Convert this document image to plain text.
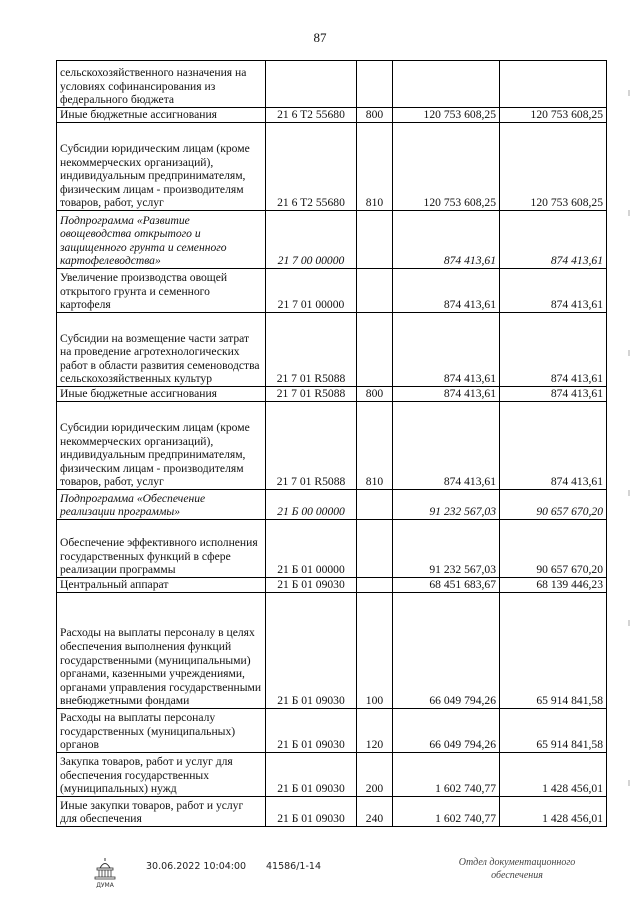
87
сельскохозяйственного назначения на условиях софинансирования из федерального бюджета				
Иные бюджетные ассигнования	21 6 T2 55680	800	120 753 608,25	120 753 608,25
Субсидии юридическим лицам (кроме некоммерческих организаций), индивидуальным предпринимателям, физическим лицам - производителям товаров, работ, услуг	21 6 T2 55680	810	120 753 608,25	120 753 608,25
Подпрограмма «Развитие овощеводства открытого и защищенного грунта и семенного картофелеводства»	21 7 00 00000		874 413,61	874 413,61
Увеличение производства овощей открытого грунта и семенного картофеля	21 7 01 00000		874 413,61	874 413,61
Субсидии на возмещение части затрат на проведение агротехнологических работ в области развития семеноводства сельскохозяйственных культур	21 7 01 R5088		874 413,61	874 413,61
Иные бюджетные ассигнования	21 7 01 R5088	800	874 413,61	874 413,61
Субсидии юридическим лицам (кроме некоммерческих организаций), индивидуальным предпринимателям, физическим лицам - производителям товаров, работ, услуг	21 7 01 R5088	810	874 413,61	874 413,61
Подпрограмма «Обеспечение реализации программы»	21 Б 00 00000		91 232 567,03	90 657 670,20
Обеспечение эффективного исполнения государственных функций в сфере реализации программы	21 Б 01 00000		91 232 567,03	90 657 670,20
Центральный аппарат	21 Б 01 09030		68 451 683,67	68 139 446,23
Расходы на выплаты персоналу в целях обеспечения выполнения функций государственными (муниципальными) органами, казенными учреждениями, органами управления государственными внебюджетными фондами	21 Б 01 09030	100	66 049 794,26	65 914 841,58
Расходы на выплаты персоналу государственных (муниципальных) органов	21 Б 01 09030	120	66 049 794,26	65 914 841,58
Закупка товаров, работ и услуг для обеспечения государственных (муниципальных) нужд	21 Б 01 09030	200	1 602 740,77	1 428 456,01
Иные закупки товаров, работ и услуг для обеспечения	21 Б 01 09030	240	1 602 740,77	1 428 456,01
ДУМА
30.06.2022 10:04:00 41586/1-14	Отдел документационного
обеспечения
